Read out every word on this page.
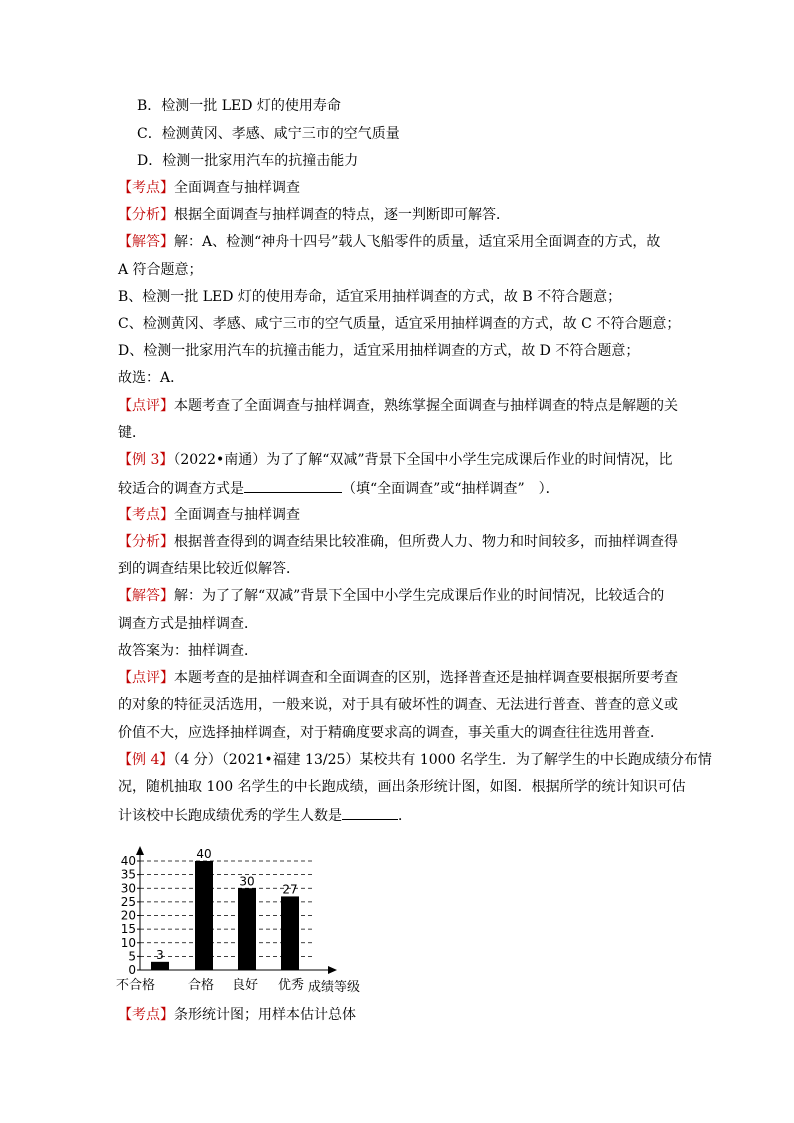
B．检测一批 LED 灯的使用寿命
C．检测黄冈、孝感、咸宁三市的空气质量
D．检测一批家用汽车的抗撞击能力
【考点】全面调查与抽样调查
【分析】根据全面调查与抽样调查的特点，逐一判断即可解答．
【解答】解：A、检测“神舟十四号”载人飞船零件的质量，适宜采用全面调查的方式，故
A 符合题意；
B、检测一批 LED 灯的使用寿命，适宜采用抽样调查的方式，故 B 不符合题意；
C、检测黄冈、孝感、咸宁三市的空气质量，适宜采用抽样调查的方式，故 C 不符合题意；
D、检测一批家用汽车的抗撞击能力，适宜采用抽样调查的方式，故 D 不符合题意；
故选：A．
【点评】本题考查了全面调查与抽样调查，熟练掌握全面调查与抽样调查的特点是解题的关
键．
【例 3】（2022•南通）为了了解“双减”背景下全国中小学生完成课后作业的时间情况，比
较适合的调查方式是	（填“全面调查”或“抽样调查”　）．
【考点】全面调查与抽样调查
【分析】根据普查得到的调查结果比较准确，但所费人力、物力和时间较多，而抽样调查得
到的调查结果比较近似解答．
【解答】解：为了了解“双减”背景下全国中小学生完成课后作业的时间情况，比较适合的
调查方式是抽样调查．
故答案为：抽样调查．
【点评】本题考查的是抽样调查和全面调查的区别，选择普查还是抽样调查要根据所要考查
的对象的特征灵活选用，一般来说，对于具有破坏性的调查、无法进行普查、普查的意义或
价值不大，应选择抽样调查，对于精确度要求高的调查，事关重大的调查往往选用普查．
【例 4】（4 分）（2021•福建 13/25）某校共有 1000 名学生．为了解学生的中长跑成绩分布情
况，随机抽取 100 名学生的中长跑成绩，画出条形统计图，如图．根据所学的统计知识可估
计该校中长跑成绩优秀的学生人数是	．
0
5
10
15
20
25
30
35
40
3
40
30
27
不合格	合格 良好 优秀 成绩等级
【考点】条形统计图；用样本估计总体
